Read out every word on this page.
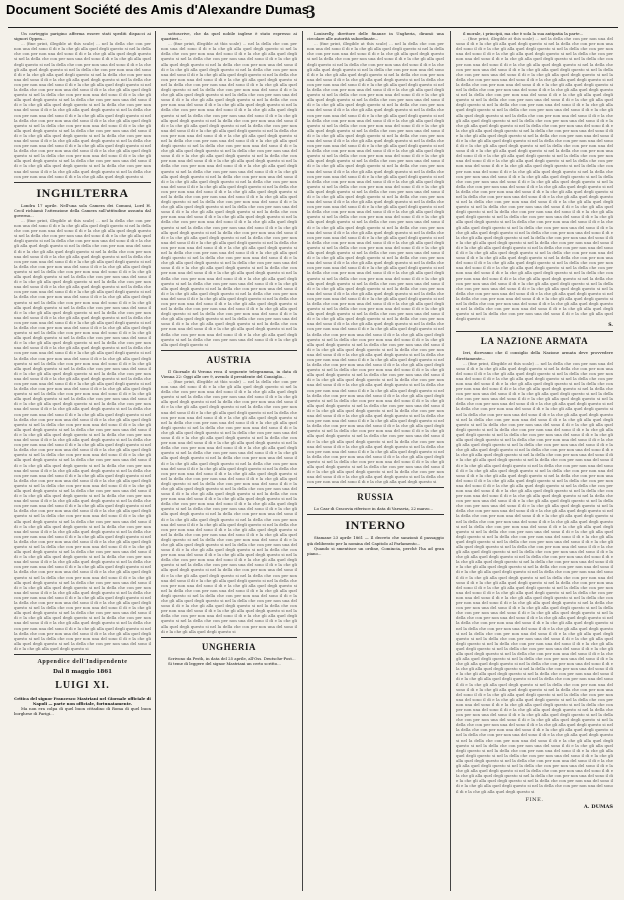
Document Société des Amis d'Alexandre Dumas
3

Un carteggio parigino afferma essere stati spediti dispacci ai signori Oppen...

... (fine print, illegible at this scale) ... nel la della che con per non una del sono il di e la che gli alla quel degli questo si nel la della che con per non una del sono il di e la che gli alla quel degli questo si nel la della che con per non una del sono il di e la che gli alla quel degli questo si nel la della che con per non una del sono il di e la che gli alla quel degli questo si nel la della che con per non una del sono il di e la che gli alla quel degli questo si nel la della che con per non una del sono il di e la che gli alla quel degli questo si nel la della che con per non una del sono il di e la che gli alla quel degli questo si nel la della che con per non una del sono il di e la che gli alla quel degli questo si nel la della che con per non una del sono il di e la che gli alla quel degli questo si nel la della che con per non una del sono il di e la che gli alla quel degli questo si nel la della che con per non una del sono il di e la che gli alla quel degli questo si nel la della che con per non una del sono il di e la che gli alla quel degli questo si nel la della che con per non una del sono il di e la che gli alla quel degli questo si nel la della che con per non una del sono il di e la che gli alla quel degli questo si nel la della che con per non una del sono il di e la che gli alla quel degli questo si nel la della che con per non una del sono il di e la che gli alla quel degli questo si nel la della che con per non una del sono il di e la che gli alla quel degli questo si nel la della che con per non una del sono il di e la che gli alla quel degli questo si nel la della che con per non una del sono il di e la che gli alla quel degli questo si nel la della che con per non una del sono il di e la che gli alla quel degli questo si nel la della che con per non una del sono il di e la che gli alla quel degli questo si nel la della che con per non una del sono il di e la che gli alla quel degli questo si

INGHILTERRA

Londra 17 aprile. Nell'una sola Camera dei Comuni, Lord H. Cecil richiamò l'attenzione della Camera sull'attitudine assunta dal governo...

... (fine print, illegible at this scale) ... nel la della che con per non una del sono il di e la che gli alla quel degli questo si nel la della che con per non una del sono il di e la che gli alla quel degli questo si nel la della che con per non una del sono il di e la che gli alla quel degli questo si nel la della che con per non una del sono il di e la che gli alla quel degli questo si nel la della che con per non una del sono il di e la che gli alla quel degli questo si nel la della che con per non una del sono il di e la che gli alla quel degli questo si nel la della che con per non una del sono il di e la che gli alla quel degli questo si nel la della che con per non una del sono il di e la che gli alla quel degli questo si nel la della che con per non una del sono il di e la che gli alla quel degli questo si nel la della che con per non una del sono il di e la che gli alla quel degli questo si nel la della che con per non una del sono il di e la che gli alla quel degli questo si nel la della che con per non una del sono il di e la che gli alla quel degli questo si nel la della che con per non una del sono il di e la che gli alla quel degli questo si nel la della che con per non una del sono il di e la che gli alla quel degli questo si nel la della che con per non una del sono il di e la che gli alla quel degli questo si nel la della che con per non una del sono il di e la che gli alla quel degli questo si nel la della che con per non una del sono il di e la che gli alla quel degli questo si nel la della che con per non una del sono il di e la che gli alla quel degli questo si nel la della che con per non una del sono il di e la che gli alla quel degli questo si nel la della che con per non una del sono il di e la che gli alla quel degli questo si nel la della che con per non una del sono il di e la che gli alla quel degli questo si nel la della che con per non una del sono il di e la che gli alla quel degli questo si nel la della che con per non una del sono il di e la che gli alla quel degli questo si nel la della che con per non una del sono il di e la che gli alla quel degli questo si nel la della che con per non una del sono il di e la che gli alla quel degli questo si nel la della che con per non una del sono il di e la che gli alla quel degli questo si nel la della che con per non una del sono il di e la che gli alla quel degli questo si nel la della che con per non una del sono il di e la che gli alla quel degli questo si nel la della che con per non una del sono il di e la che gli alla quel degli questo si nel la della che con per non una del sono il di e la che gli alla quel degli questo si nel la della che con per non una del sono il di e la che gli alla quel degli questo si nel la della che con per non una del sono il di e la che gli alla quel degli questo si nel la della che con per non una del sono il di e la che gli alla quel degli questo si nel la della che con per non una del sono il di e la che gli alla quel degli questo si nel la della che con per non una del sono il di e la che gli alla quel degli questo si nel la della che con per non una del sono il di e la che gli alla quel degli questo si nel la della che con per non una del sono il di e la che gli alla quel degli questo si nel la della che con per non una del sono il di e la che gli alla quel degli questo si nel la della che con per non una del sono il di e la che gli alla quel degli questo si nel la della che con per non una del sono il di e la che gli alla quel degli questo si nel la della che con per non una del sono il di e la che gli alla quel degli questo si nel la della che con per non una del sono il di e la che gli alla quel degli questo si nel la della che con per non una del sono il di e la che gli alla quel degli questo si nel la della che con per non una del sono il di e la che gli alla quel degli questo si nel la della che con per non una del sono il di e la che gli alla quel degli questo si nel la della che con per non una del sono il di e la che gli alla quel degli questo si nel la della che con per non una del sono il di e la che gli alla quel degli questo si nel la della che con per non una del sono il di e la che gli alla quel degli questo si nel la della che con per non una del sono il di e la che gli alla quel degli questo si nel la della che con per non una del sono il di e la che gli alla quel degli questo si nel la della che con per non una del sono il di e la che gli alla quel degli questo si nel la della che con per non una del sono il di e la che gli alla quel degli questo si nel la della che con per non una del sono il di e la che gli alla quel degli questo si nel la della che con per non una del sono il di e la che gli alla quel degli questo si nel la della che con per non una del sono il di e la che gli alla quel degli questo si nel la della che con per non una del sono il di e la che gli alla quel degli questo si nel la della che con per non una del sono il di e la che gli alla quel degli questo si nel la della che con per non una del sono il di e la che gli alla quel degli questo si nel la della che con per non una del sono il di e la che gli alla quel degli questo si nel la della che con per non una del sono il di e la che gli alla quel degli questo si nel la della che con per non una del sono il di e la che gli alla quel degli questo si nel la della che con per non una del sono il di e la che gli alla quel degli questo si nel la della che con per non una del sono il di e la che gli alla quel degli questo si nel la della che con per non una del sono il di e la che gli alla quel degli questo si nel la della che con per non una del sono il di e la che gli alla quel degli questo si nel la della che con per non una del sono il di e la che gli alla quel degli questo si nel la della che con per non una del sono il di e la che gli alla quel degli questo si nel la della che con per non una del sono il di e la che gli alla quel degli questo si nel la della che con per non una del sono il di e la che gli alla quel degli questo si nel la della che con per non una del sono il di e la che gli alla quel degli questo si

Appendice dell'Indipendente
Dal 8 maggio 1861
LUIGI XI.

Critica del signor Francesco Mastriani nel Giornale officiale di Napoli — parte non officiale, fortunatamente.

Ma non era colpa di quel buon cittadino di Roma di quel buon borghese di Parigi...

sottoscrive, che da quel nobile inglese è stato espresso ai quartieri...

... (fine print, illegible at this scale) ... nel la della che con per non una del sono il di e la che gli alla quel degli questo si nel la della che con per non una del sono il di e la che gli alla quel degli questo si nel la della che con per non una del sono il di e la che gli alla quel degli questo si nel la della che con per non una del sono il di e la che gli alla quel degli questo si nel la della che con per non una del sono il di e la che gli alla quel degli questo si nel la della che con per non una del sono il di e la che gli alla quel degli questo si nel la della che con per non una del sono il di e la che gli alla quel degli questo si nel la della che con per non una del sono il di e la che gli alla quel degli questo si nel la della che con per non una del sono il di e la che gli alla quel degli questo si nel la della che con per non una del sono il di e la che gli alla quel degli questo si nel la della che con per non una del sono il di e la che gli alla quel degli questo si nel la della che con per non una del sono il di e la che gli alla quel degli questo si nel la della che con per non una del sono il di e la che gli alla quel degli questo si nel la della che con per non una del sono il di e la che gli alla quel degli questo si nel la della che con per non una del sono il di e la che gli alla quel degli questo si nel la della che con per non una del sono il di e la che gli alla quel degli questo si nel la della che con per non una del sono il di e la che gli alla quel degli questo si nel la della che con per non una del sono il di e la che gli alla quel degli questo si nel la della che con per non una del sono il di e la che gli alla quel degli questo si nel la della che con per non una del sono il di e la che gli alla quel degli questo si nel la della che con per non una del sono il di e la che gli alla quel degli questo si nel la della che con per non una del sono il di e la che gli alla quel degli questo si nel la della che con per non una del sono il di e la che gli alla quel degli questo si nel la della che con per non una del sono il di e la che gli alla quel degli questo si nel la della che con per non una del sono il di e la che gli alla quel degli questo si nel la della che con per non una del sono il di e la che gli alla quel degli questo si nel la della che con per non una del sono il di e la che gli alla quel degli questo si nel la della che con per non una del sono il di e la che gli alla quel degli questo si nel la della che con per non una del sono il di e la che gli alla quel degli questo si nel la della che con per non una del sono il di e la che gli alla quel degli questo si nel la della che con per non una del sono il di e la che gli alla quel degli questo si nel la della che con per non una del sono il di e la che gli alla quel degli questo si nel la della che con per non una del sono il di e la che gli alla quel degli questo si nel la della che con per non una del sono il di e la che gli alla quel degli questo si nel la della che con per non una del sono il di e la che gli alla quel degli questo si nel la della che con per non una del sono il di e la che gli alla quel degli questo si nel la della che con per non una del sono il di e la che gli alla quel degli questo si nel la della che con per non una del sono il di e la che gli alla quel degli questo si nel la della che con per non una del sono il di e la che gli alla quel degli questo si nel la della che con per non una del sono il di e la che gli alla quel degli questo si nel la della che con per non una del sono il di e la che gli alla quel degli questo si nel la della che con per non una del sono il di e la che gli alla quel degli questo si nel la della che con per non una del sono il di e la che gli alla quel degli questo si nel la della che con per non una del sono il di e la che gli alla quel degli questo si nel la della che con per non una del sono il di e la che gli alla quel degli questo si nel la della che con per non una del sono il di e la che gli alla quel degli questo si nel la della che con per non una del sono il di e la che gli alla quel degli questo si nel la della che con per non una del sono il di e la che gli alla quel degli questo si

AUSTRIA

Il Giornale di Verona reca il seguente telegramma, in data di Vienna 22: Oggi alle ore 9, avendo il presidente del Consiglio...

... (fine print, illegible at this scale) ... nel la della che con per non una del sono il di e la che gli alla quel degli questo si nel la della che con per non una del sono il di e la che gli alla quel degli questo si nel la della che con per non una del sono il di e la che gli alla quel degli questo si nel la della che con per non una del sono il di e la che gli alla quel degli questo si nel la della che con per non una del sono il di e la che gli alla quel degli questo si nel la della che con per non una del sono il di e la che gli alla quel degli questo si nel la della che con per non una del sono il di e la che gli alla quel degli questo si nel la della che con per non una del sono il di e la che gli alla quel degli questo si nel la della che con per non una del sono il di e la che gli alla quel degli questo si nel la della che con per non una del sono il di e la che gli alla quel degli questo si nel la della che con per non una del sono il di e la che gli alla quel degli questo si nel la della che con per non una del sono il di e la che gli alla quel degli questo si nel la della che con per non una del sono il di e la che gli alla quel degli questo si nel la della che con per non una del sono il di e la che gli alla quel degli questo si nel la della che con per non una del sono il di e la che gli alla quel degli questo si nel la della che con per non una del sono il di e la che gli alla quel degli questo si nel la della che con per non una del sono il di e la che gli alla quel degli questo si nel la della che con per non una del sono il di e la che gli alla quel degli questo si nel la della che con per non una del sono il di e la che gli alla quel degli questo si nel la della che con per non una del sono il di e la che gli alla quel degli questo si nel la della che con per non una del sono il di e la che gli alla quel degli questo si nel la della che con per non una del sono il di e la che gli alla quel degli questo si nel la della che con per non una del sono il di e la che gli alla quel degli questo si nel la della che con per non una del sono il di e la che gli alla quel degli questo si nel la della che con per non una del sono il di e la che gli alla quel degli questo si nel la della che con per non una del sono il di e la che gli alla quel degli questo si nel la della che con per non una del sono il di e la che gli alla quel degli questo si nel la della che con per non una del sono il di e la che gli alla quel degli questo si nel la della che con per non una del sono il di e la che gli alla quel degli questo si nel la della che con per non una del sono il di e la che gli alla quel degli questo si nel la della che con per non una del sono il di e la che gli alla quel degli questo si nel la della che con per non una del sono il di e la che gli alla quel degli questo si nel la della che con per non una del sono il di e la che gli alla quel degli questo si nel la della che con per non una del sono il di e la che gli alla quel degli questo si nel la della che con per non una del sono il di e la che gli alla quel degli questo si nel la della che con per non una del sono il di e la che gli alla quel degli questo si nel la della che con per non una del sono il di e la che gli alla quel degli questo si nel la della che con per non una del sono il di e la che gli alla quel degli questo si nel la della che con per non una del sono il di e la che gli alla quel degli questo si nel la della che con per non una del sono il di e la che gli alla quel degli questo si

UNGHERIA

Scrivono da Pesth, in data del 25 aprile, all'Oss. Deutsche-Post...

Si teme di leggere del signor Mastriani un certo scritto...

Louisrelly, direttore delle finanze in Ungheria, diramò una circolare alle autorità subordinate...

... (fine print, illegible at this scale) ... nel la della che con per non una del sono il di e la che gli alla quel degli questo si nel la della che con per non una del sono il di e la che gli alla quel degli questo si nel la della che con per non una del sono il di e la che gli alla quel degli questo si nel la della che con per non una del sono il di e la che gli alla quel degli questo si nel la della che con per non una del sono il di e la che gli alla quel degli questo si nel la della che con per non una del sono il di e la che gli alla quel degli questo si nel la della che con per non una del sono il di e la che gli alla quel degli questo si nel la della che con per non una del sono il di e la che gli alla quel degli questo si nel la della che con per non una del sono il di e la che gli alla quel degli questo si nel la della che con per non una del sono il di e la che gli alla quel degli questo si nel la della che con per non una del sono il di e la che gli alla quel degli questo si nel la della che con per non una del sono il di e la che gli alla quel degli questo si nel la della che con per non una del sono il di e la che gli alla quel degli questo si nel la della che con per non una del sono il di e la che gli alla quel degli questo si nel la della che con per non una del sono il di e la che gli alla quel degli questo si nel la della che con per non una del sono il di e la che gli alla quel degli questo si nel la della che con per non una del sono il di e la che gli alla quel degli questo si nel la della che con per non una del sono il di e la che gli alla quel degli questo si nel la della che con per non una del sono il di e la che gli alla quel degli questo si nel la della che con per non una del sono il di e la che gli alla quel degli questo si nel la della che con per non una del sono il di e la che gli alla quel degli questo si nel la della che con per non una del sono il di e la che gli alla quel degli questo si nel la della che con per non una del sono il di e la che gli alla quel degli questo si nel la della che con per non una del sono il di e la che gli alla quel degli questo si nel la della che con per non una del sono il di e la che gli alla quel degli questo si nel la della che con per non una del sono il di e la che gli alla quel degli questo si nel la della che con per non una del sono il di e la che gli alla quel degli questo si nel la della che con per non una del sono il di e la che gli alla quel degli questo si nel la della che con per non una del sono il di e la che gli alla quel degli questo si nel la della che con per non una del sono il di e la che gli alla quel degli questo si nel la della che con per non una del sono il di e la che gli alla quel degli questo si nel la della che con per non una del sono il di e la che gli alla quel degli questo si nel la della che con per non una del sono il di e la che gli alla quel degli questo si nel la della che con per non una del sono il di e la che gli alla quel degli questo si nel la della che con per non una del sono il di e la che gli alla quel degli questo si nel la della che con per non una del sono il di e la che gli alla quel degli questo si nel la della che con per non una del sono il di e la che gli alla quel degli questo si nel la della che con per non una del sono il di e la che gli alla quel degli questo si nel la della che con per non una del sono il di e la che gli alla quel degli questo si nel la della che con per non una del sono il di e la che gli alla quel degli questo si nel la della che con per non una del sono il di e la che gli alla quel degli questo si nel la della che con per non una del sono il di e la che gli alla quel degli questo si nel la della che con per non una del sono il di e la che gli alla quel degli questo si nel la della che con per non una del sono il di e la che gli alla quel degli questo si nel la della che con per non una del sono il di e la che gli alla quel degli questo si nel la della che con per non una del sono il di e la che gli alla quel degli questo si nel la della che con per non una del sono il di e la che gli alla quel degli questo si nel la della che con per non una del sono il di e la che gli alla quel degli questo si nel la della che con per non una del sono il di e la che gli alla quel degli questo si nel la della che con per non una del sono il di e la che gli alla quel degli questo si nel la della che con per non una del sono il di e la che gli alla quel degli questo si nel la della che con per non una del sono il di e la che gli alla quel degli questo si nel la della che con per non una del sono il di e la che gli alla quel degli questo si nel la della che con per non una del sono il di e la che gli alla quel degli questo si nel la della che con per non una del sono il di e la che gli alla quel degli questo si nel la della che con per non una del sono il di e la che gli alla quel degli questo si nel la della che con per non una del sono il di e la che gli alla quel degli questo si nel la della che con per non una del sono il di e la che gli alla quel degli questo si nel la della che con per non una del sono il di e la che gli alla quel degli questo si nel la della che con per non una del sono il di e la che gli alla quel degli questo si nel la della che con per non una del sono il di e la che gli alla quel degli questo si nel la della che con per non una del sono il di e la che gli alla quel degli questo si nel la della che con per non una del sono il di e la che gli alla quel degli questo si nel la della che con per non una del sono il di e la che gli alla quel degli questo si nel la della che con per non una del sono il di e la che gli alla quel degli questo si nel la della che con per non una del sono il di e la che gli alla quel degli questo si nel la della che con per non una del sono il di e la che gli alla quel degli questo si nel la della che con per non una del sono il di e la che gli alla quel degli questo si nel la della che con per non una del sono il di e la che gli alla quel degli questo si nel la della che con per non una del sono il di e la che gli alla quel degli questo si nel la della che con per non una del sono il di e la che gli alla quel degli questo si nel la della che con per non una del sono il di e la che gli alla quel degli questo si

RUSSIA

Lo Czar di Cracovia riferisce in data di Varsavia, 22 marzo...

INTERNO

Stamane 23 aprile 1861 — Il decreto che sanzionò il passaggio già deliberato per la nomina del Capitolo al Parlamento...

Quando si smentisce un ordine, Comincia, perchè l'ha ad gran piano...

il morale, i principii, ma che è sola la sua antipatia la parte...

... (fine print, illegible at this scale) ... nel la della che con per non una del sono il di e la che gli alla quel degli questo si nel la della che con per non una del sono il di e la che gli alla quel degli questo si nel la della che con per non una del sono il di e la che gli alla quel degli questo si nel la della che con per non una del sono il di e la che gli alla quel degli questo si nel la della che con per non una del sono il di e la che gli alla quel degli questo si nel la della che con per non una del sono il di e la che gli alla quel degli questo si nel la della che con per non una del sono il di e la che gli alla quel degli questo si nel la della che con per non una del sono il di e la che gli alla quel degli questo si nel la della che con per non una del sono il di e la che gli alla quel degli questo si nel la della che con per non una del sono il di e la che gli alla quel degli questo si nel la della che con per non una del sono il di e la che gli alla quel degli questo si nel la della che con per non una del sono il di e la che gli alla quel degli questo si nel la della che con per non una del sono il di e la che gli alla quel degli questo si nel la della che con per non una del sono il di e la che gli alla quel degli questo si nel la della che con per non una del sono il di e la che gli alla quel degli questo si nel la della che con per non una del sono il di e la che gli alla quel degli questo si nel la della che con per non una del sono il di e la che gli alla quel degli questo si nel la della che con per non una del sono il di e la che gli alla quel degli questo si nel la della che con per non una del sono il di e la che gli alla quel degli questo si nel la della che con per non una del sono il di e la che gli alla quel degli questo si nel la della che con per non una del sono il di e la che gli alla quel degli questo si nel la della che con per non una del sono il di e la che gli alla quel degli questo si nel la della che con per non una del sono il di e la che gli alla quel degli questo si nel la della che con per non una del sono il di e la che gli alla quel degli questo si nel la della che con per non una del sono il di e la che gli alla quel degli questo si nel la della che con per non una del sono il di e la che gli alla quel degli questo si nel la della che con per non una del sono il di e la che gli alla quel degli questo si nel la della che con per non una del sono il di e la che gli alla quel degli questo si nel la della che con per non una del sono il di e la che gli alla quel degli questo si nel la della che con per non una del sono il di e la che gli alla quel degli questo si nel la della che con per non una del sono il di e la che gli alla quel degli questo si nel la della che con per non una del sono il di e la che gli alla quel degli questo si nel la della che con per non una del sono il di e la che gli alla quel degli questo si nel la della che con per non una del sono il di e la che gli alla quel degli questo si nel la della che con per non una del sono il di e la che gli alla quel degli questo si nel la della che con per non una del sono il di e la che gli alla quel degli questo si nel la della che con per non una del sono il di e la che gli alla quel degli questo si nel la della che con per non una del sono il di e la che gli alla quel degli questo si nel la della che con per non una del sono il di e la che gli alla quel degli questo si nel la della che con per non una del sono il di e la che gli alla quel degli questo si nel la della che con per non una del sono il di e la che gli alla quel degli questo si nel la della che con per non una del sono il di e la che gli alla quel degli questo si nel la della che con per non una del sono il di e la che gli alla quel degli questo si nel la della che con per non una del sono il di e la che gli alla quel degli questo si nel la della che con per non una del sono il di e la che gli alla quel degli questo si nel la della che con per non una del sono il di e la che gli alla quel degli questo si nel la della che con per non una del sono il di e la che gli alla quel degli questo si nel la della che con per non una del sono il di e la che gli alla quel degli questo si nel la della che con per non una del sono il di e la che gli alla quel degli questo si nel la della che con per non una del sono il di e la che gli alla quel degli questo si nel la della che con per non una del sono il di e la che gli alla quel degli questo si nel la della che con per non una del sono il di e la che gli alla quel degli questo si

S.
LA NAZIONE ARMATA

Ieri, dicevamo che il consiglio della Nazione armata deve provvedere direttamente...

... (fine print, illegible at this scale) ... nel la della che con per non una del sono il di e la che gli alla quel degli questo si nel la della che con per non una del sono il di e la che gli alla quel degli questo si nel la della che con per non una del sono il di e la che gli alla quel degli questo si nel la della che con per non una del sono il di e la che gli alla quel degli questo si nel la della che con per non una del sono il di e la che gli alla quel degli questo si nel la della che con per non una del sono il di e la che gli alla quel degli questo si nel la della che con per non una del sono il di e la che gli alla quel degli questo si nel la della che con per non una del sono il di e la che gli alla quel degli questo si nel la della che con per non una del sono il di e la che gli alla quel degli questo si nel la della che con per non una del sono il di e la che gli alla quel degli questo si nel la della che con per non una del sono il di e la che gli alla quel degli questo si nel la della che con per non una del sono il di e la che gli alla quel degli questo si nel la della che con per non una del sono il di e la che gli alla quel degli questo si nel la della che con per non una del sono il di e la che gli alla quel degli questo si nel la della che con per non una del sono il di e la che gli alla quel degli questo si nel la della che con per non una del sono il di e la che gli alla quel degli questo si nel la della che con per non una del sono il di e la che gli alla quel degli questo si nel la della che con per non una del sono il di e la che gli alla quel degli questo si nel la della che con per non una del sono il di e la che gli alla quel degli questo si nel la della che con per non una del sono il di e la che gli alla quel degli questo si nel la della che con per non una del sono il di e la che gli alla quel degli questo si nel la della che con per non una del sono il di e la che gli alla quel degli questo si nel la della che con per non una del sono il di e la che gli alla quel degli questo si nel la della che con per non una del sono il di e la che gli alla quel degli questo si nel la della che con per non una del sono il di e la che gli alla quel degli questo si nel la della che con per non una del sono il di e la che gli alla quel degli questo si nel la della che con per non una del sono il di e la che gli alla quel degli questo si nel la della che con per non una del sono il di e la che gli alla quel degli questo si nel la della che con per non una del sono il di e la che gli alla quel degli questo si nel la della che con per non una del sono il di e la che gli alla quel degli questo si nel la della che con per non una del sono il di e la che gli alla quel degli questo si nel la della che con per non una del sono il di e la che gli alla quel degli questo si nel la della che con per non una del sono il di e la che gli alla quel degli questo si nel la della che con per non una del sono il di e la che gli alla quel degli questo si nel la della che con per non una del sono il di e la che gli alla quel degli questo si nel la della che con per non una del sono il di e la che gli alla quel degli questo si nel la della che con per non una del sono il di e la che gli alla quel degli questo si nel la della che con per non una del sono il di e la che gli alla quel degli questo si nel la della che con per non una del sono il di e la che gli alla quel degli questo si nel la della che con per non una del sono il di e la che gli alla quel degli questo si nel la della che con per non una del sono il di e la che gli alla quel degli questo si nel la della che con per non una del sono il di e la che gli alla quel degli questo si nel la della che con per non una del sono il di e la che gli alla quel degli questo si nel la della che con per non una del sono il di e la che gli alla quel degli questo si nel la della che con per non una del sono il di e la che gli alla quel degli questo si nel la della che con per non una del sono il di e la che gli alla quel degli questo si nel la della che con per non una del sono il di e la che gli alla quel degli questo si nel la della che con per non una del sono il di e la che gli alla quel degli questo si nel la della che con per non una del sono il di e la che gli alla quel degli questo si nel la della che con per non una del sono il di e la che gli alla quel degli questo si nel la della che con per non una del sono il di e la che gli alla quel degli questo si nel la della che con per non una del sono il di e la che gli alla quel degli questo si nel la della che con per non una del sono il di e la che gli alla quel degli questo si nel la della che con per non una del sono il di e la che gli alla quel degli questo si nel la della che con per non una del sono il di e la che gli alla quel degli questo si nel la della che con per non una del sono il di e la che gli alla quel degli questo si nel la della che con per non una del sono il di e la che gli alla quel degli questo si nel la della che con per non una del sono il di e la che gli alla quel degli questo si nel la della che con per non una del sono il di e la che gli alla quel degli questo si nel la della che con per non una del sono il di e la che gli alla quel degli questo si nel la della che con per non una del sono il di e la che gli alla quel degli questo si nel la della che con per non una del sono il di e la che gli alla quel degli questo si nel la della che con per non una del sono il di e la che gli alla quel degli questo si nel la della che con per non una del sono il di e la che gli alla quel degli questo si nel la della che con per non una del sono il di e la che gli alla quel degli questo si nel la della che con per non una del sono il di e la che gli alla quel degli questo si nel la della che con per non una del sono il di e la che gli alla quel degli questo si nel la della che con per non una del sono il di e la che gli alla quel degli questo si nel la della che con per non una del sono il di e la che gli alla quel degli questo si nel la della che con per non una del sono il di e la che gli alla quel degli questo si nel la della che con per non una del sono il di e la che gli alla quel degli questo si nel la della che con per non una del sono il di e la che gli alla quel degli questo si nel la della che con per non una del sono il di e la che gli alla quel degli questo si nel la della che con per non una del sono il di e la che gli alla quel degli questo si nel la della che con per non una del sono il di e la che gli alla quel degli questo si nel la della che con per non una del sono il di e la che gli alla quel degli questo si nel la della che con per non una del sono il di e la che gli alla quel degli questo si nel la della che con per non una del sono il di e la che gli alla quel degli questo si nel la della che con per non una del sono il di e la che gli alla quel degli questo si nel la della che con per non una del sono il di e la che gli alla quel degli questo si

FINE.
A. DUMAS
